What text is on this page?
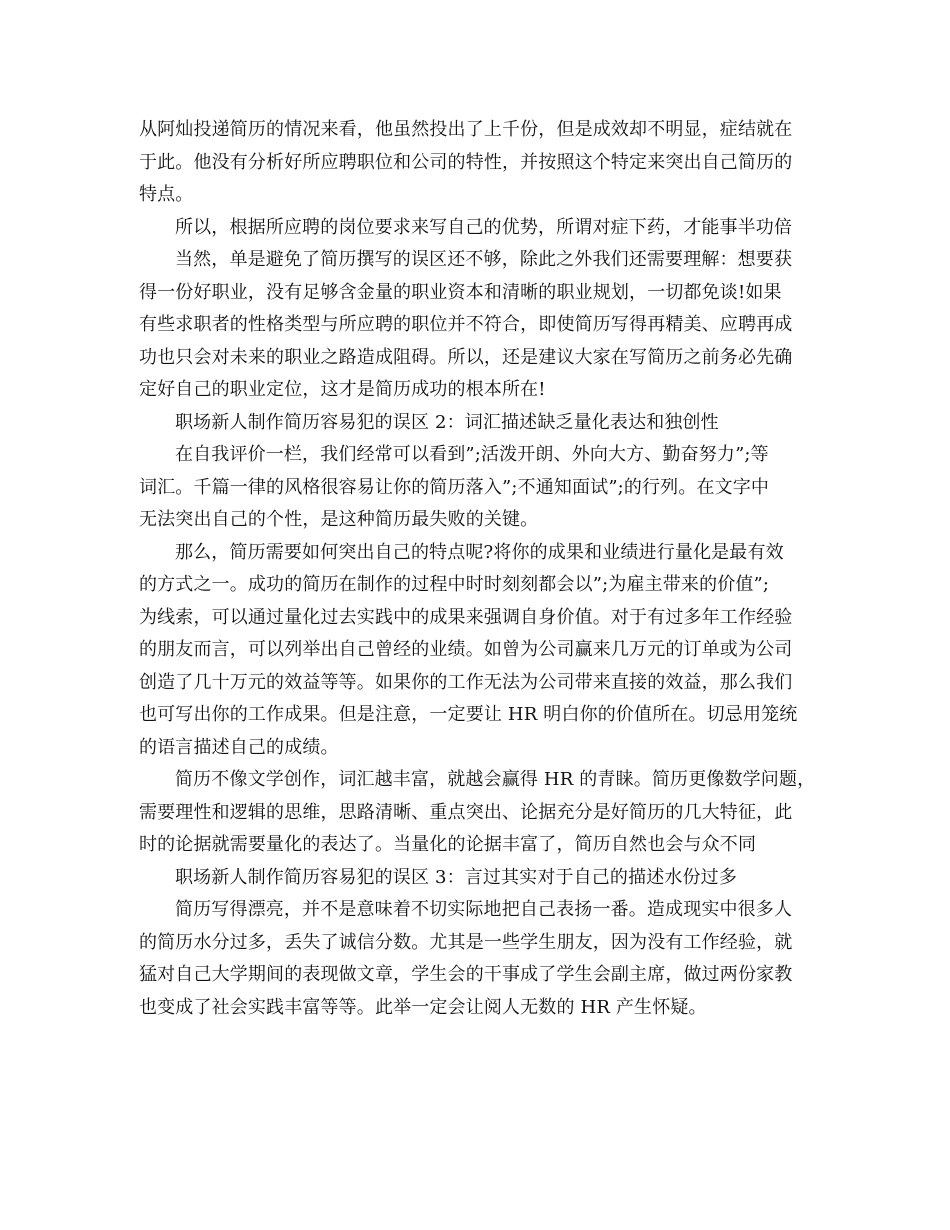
从阿灿投递简历的情况来看，他虽然投出了上千份，但是成效却不明显，症结就在
于此。他没有分析好所应聘职位和公司的特性，并按照这个特定来突出自己简历的
特点。
所以，根据所应聘的岗位要求来写自己的优势，所谓对症下药，才能事半功倍
当然，单是避免了简历撰写的误区还不够，除此之外我们还需要理解：想要获
得一份好职业，没有足够含金量的职业资本和清晰的职业规划，一切都免谈!如果
有些求职者的性格类型与所应聘的职位并不符合，即使简历写得再精美、应聘再成
功也只会对未来的职业之路造成阻碍。所以，还是建议大家在写简历之前务必先确
定好自己的职业定位，这才是简历成功的根本所在!
职场新人制作简历容易犯的误区 2：词汇描述缺乏量化表达和独创性
在自我评价一栏，我们经常可以看到”;活泼开朗、外向大方、勤奋努力”;等
词汇。千篇一律的风格很容易让你的简历落入”;不通知面试”;的行列。在文字中
无法突出自己的个性，是这种简历最失败的关键。
那么，简历需要如何突出自己的特点呢?将你的成果和业绩进行量化是最有效
的方式之一。成功的简历在制作的过程中时时刻刻都会以”;为雇主带来的价值”;
为线索，可以通过量化过去实践中的成果来强调自身价值。对于有过多年工作经验
的朋友而言，可以列举出自己曾经的业绩。如曾为公司赢来几万元的订单或为公司
创造了几十万元的效益等等。如果你的工作无法为公司带来直接的效益，那么我们
也可写出你的工作成果。但是注意，一定要让 HR 明白你的价值所在。切忌用笼统
的语言描述自己的成绩。
简历不像文学创作，词汇越丰富，就越会赢得 HR 的青睐。简历更像数学问题，
需要理性和逻辑的思维，思路清晰、重点突出、论据充分是好简历的几大特征，此
时的论据就需要量化的表达了。当量化的论据丰富了，简历自然也会与众不同
职场新人制作简历容易犯的误区 3：言过其实对于自己的描述水份过多
简历写得漂亮，并不是意味着不切实际地把自己表扬一番。造成现实中很多人
的简历水分过多，丢失了诚信分数。尤其是一些学生朋友，因为没有工作经验，就
猛对自己大学期间的表现做文章，学生会的干事成了学生会副主席，做过两份家教
也变成了社会实践丰富等等。此举一定会让阅人无数的 HR 产生怀疑。
